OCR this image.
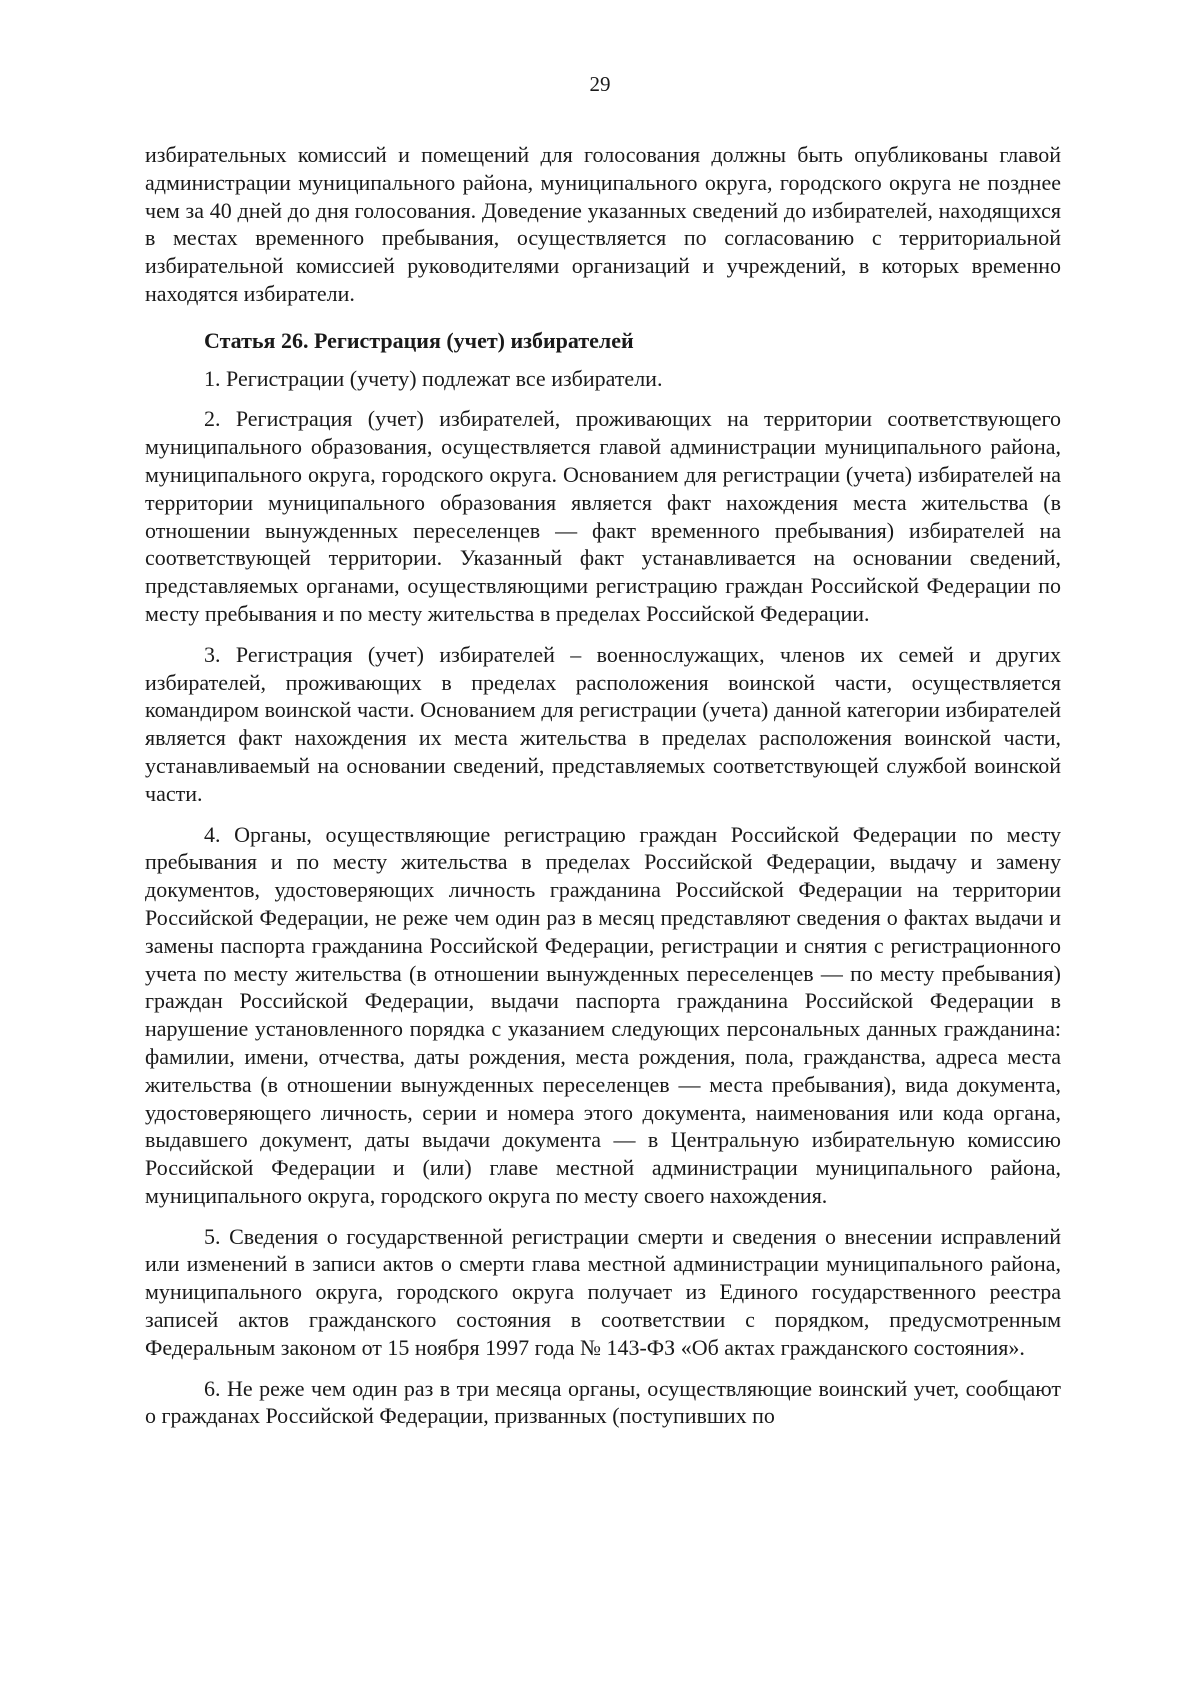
29

избирательных комиссий и помещений для голосования должны быть опубликованы главой администрации муниципального района, муниципального округа, городского округа не позднее чем за 40 дней до дня голосования. Доведение указанных сведений до избирателей, находящихся в местах временного пребывания, осуществляется по согласованию с территориальной избирательной комиссией руководителями организаций и учреждений, в которых временно находятся избиратели.

Статья 26. Регистрация (учет) избирателей

1. Регистрации (учету) подлежат все избиратели.

2. Регистрация (учет) избирателей, проживающих на территории соответствующего муниципального образования, осуществляется главой администрации муниципального района, муниципального округа, городского округа. Основанием для регистрации (учета) избирателей на территории муниципального образования является факт нахождения места жительства (в отношении вынужденных переселенцев — факт временного пребывания) избирателей на соответствующей территории. Указанный факт устанавливается на основании сведений, представляемых органами, осуществляющими регистрацию граждан Российской Федерации по месту пребывания и по месту жительства в пределах Российской Федерации.

3. Регистрация (учет) избирателей – военнослужащих, членов их семей и других избирателей, проживающих в пределах расположения воинской части, осуществляется командиром воинской части. Основанием для регистрации (учета) данной категории избирателей является факт нахождения их места жительства в пределах расположения воинской части, устанавливаемый на основании сведений, представляемых соответствующей службой воинской части.

4. Органы, осуществляющие регистрацию граждан Российской Федерации по месту пребывания и по месту жительства в пределах Российской Федерации, выдачу и замену документов, удостоверяющих личность гражданина Российской Федерации на территории Российской Федерации, не реже чем один раз в месяц представляют сведения о фактах выдачи и замены паспорта гражданина Российской Федерации, регистрации и снятия с регистрационного учета по месту жительства (в отношении вынужденных переселенцев — по месту пребывания) граждан Российской Федерации, выдачи паспорта гражданина Российской Федерации в нарушение установленного порядка с указанием следующих персональных данных гражданина: фамилии, имени, отчества, даты рождения, места рождения, пола, гражданства, адреса места жительства (в отношении вынужденных переселенцев — места пребывания), вида документа, удостоверяющего личность, серии и номера этого документа, наименования или кода органа, выдавшего документ, даты выдачи документа — в Центральную избирательную комиссию Российской Федерации и (или) главе местной администрации муниципального района, муниципального округа, городского округа по месту своего нахождения.

5. Сведения о государственной регистрации смерти и сведения о внесении исправлений или изменений в записи актов о смерти глава местной администрации муниципального района, муниципального округа, городского округа получает из Единого государственного реестра записей актов гражданского состояния в соответствии с порядком, предусмотренным Федеральным законом от 15 ноября 1997 года № 143-ФЗ «Об актах гражданского состояния».

6. Не реже чем один раз в три месяца органы, осуществляющие воинский учет, сообщают о гражданах Российской Федерации, призванных (поступивших по
